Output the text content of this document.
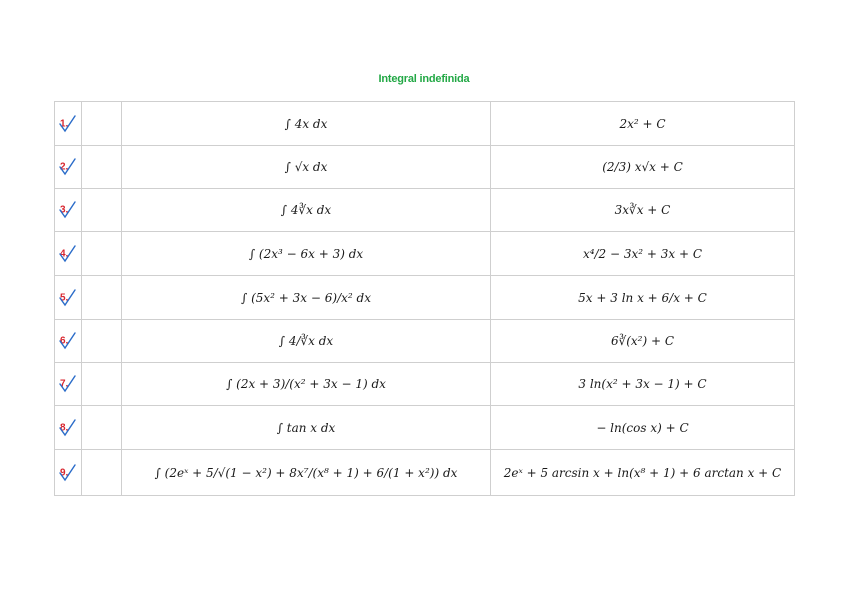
Integral indefinida
1.		∫ 4x dx	2x² + C

2.		∫ √x dx	(2/3) x√x + C

3.		∫ 4∛x dx	3x∛x + C

4.		∫ (2x³ − 6x + 3) dx	x⁴/2 − 3x² + 3x + C

5.		∫ (5x² + 3x − 6)/x² dx	5x + 3 ln x + 6/x + C

6.		∫ 4/∛x dx	6∛(x²) + C

7.		∫ (2x + 3)/(x² + 3x − 1) dx	3 ln(x² + 3x − 1) + C

8.		∫ tan x dx	− ln(cos x) + C

9.		∫ (2eˣ + 5/√(1 − x²) + 8x⁷/(x⁸ + 1) + 6/(1 + x²)) dx	2eˣ + 5 arcsin x + ln(x⁸ + 1) + 6 arctan x + C
